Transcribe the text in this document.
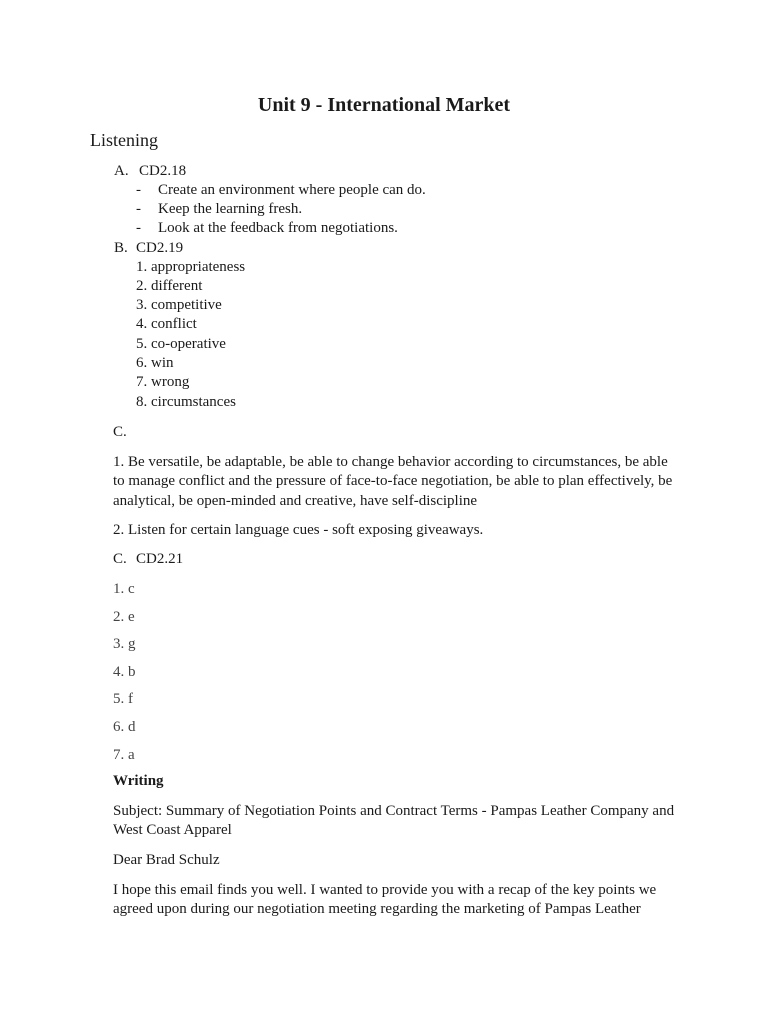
Unit 9 - International Market
Listening
A. CD2.18
- Create an environment where people can do.
- Keep the learning fresh.
- Look at the feedback from negotiations.
B. CD2.19
1. appropriateness
2. different
3. competitive
4. conflict
5. co-operative
6. win
7. wrong
8. circumstances
C.
1. Be versatile, be adaptable, be able to change behavior according to circumstances, be able to manage conflict and the pressure of face-to-face negotiation, be able to plan effectively, be analytical, be open-minded and creative, have self-discipline
2. Listen for certain language cues - soft exposing giveaways.
C. CD2.21
1. c
2. e
3. g
4. b
5. f
6. d
7. a
Writing
Subject: Summary of Negotiation Points and Contract Terms - Pampas Leather Company and West Coast Apparel
Dear Brad Schulz
I hope this email finds you well. I wanted to provide you with a recap of the key points we agreed upon during our negotiation meeting regarding the marketing of Pampas Leather
